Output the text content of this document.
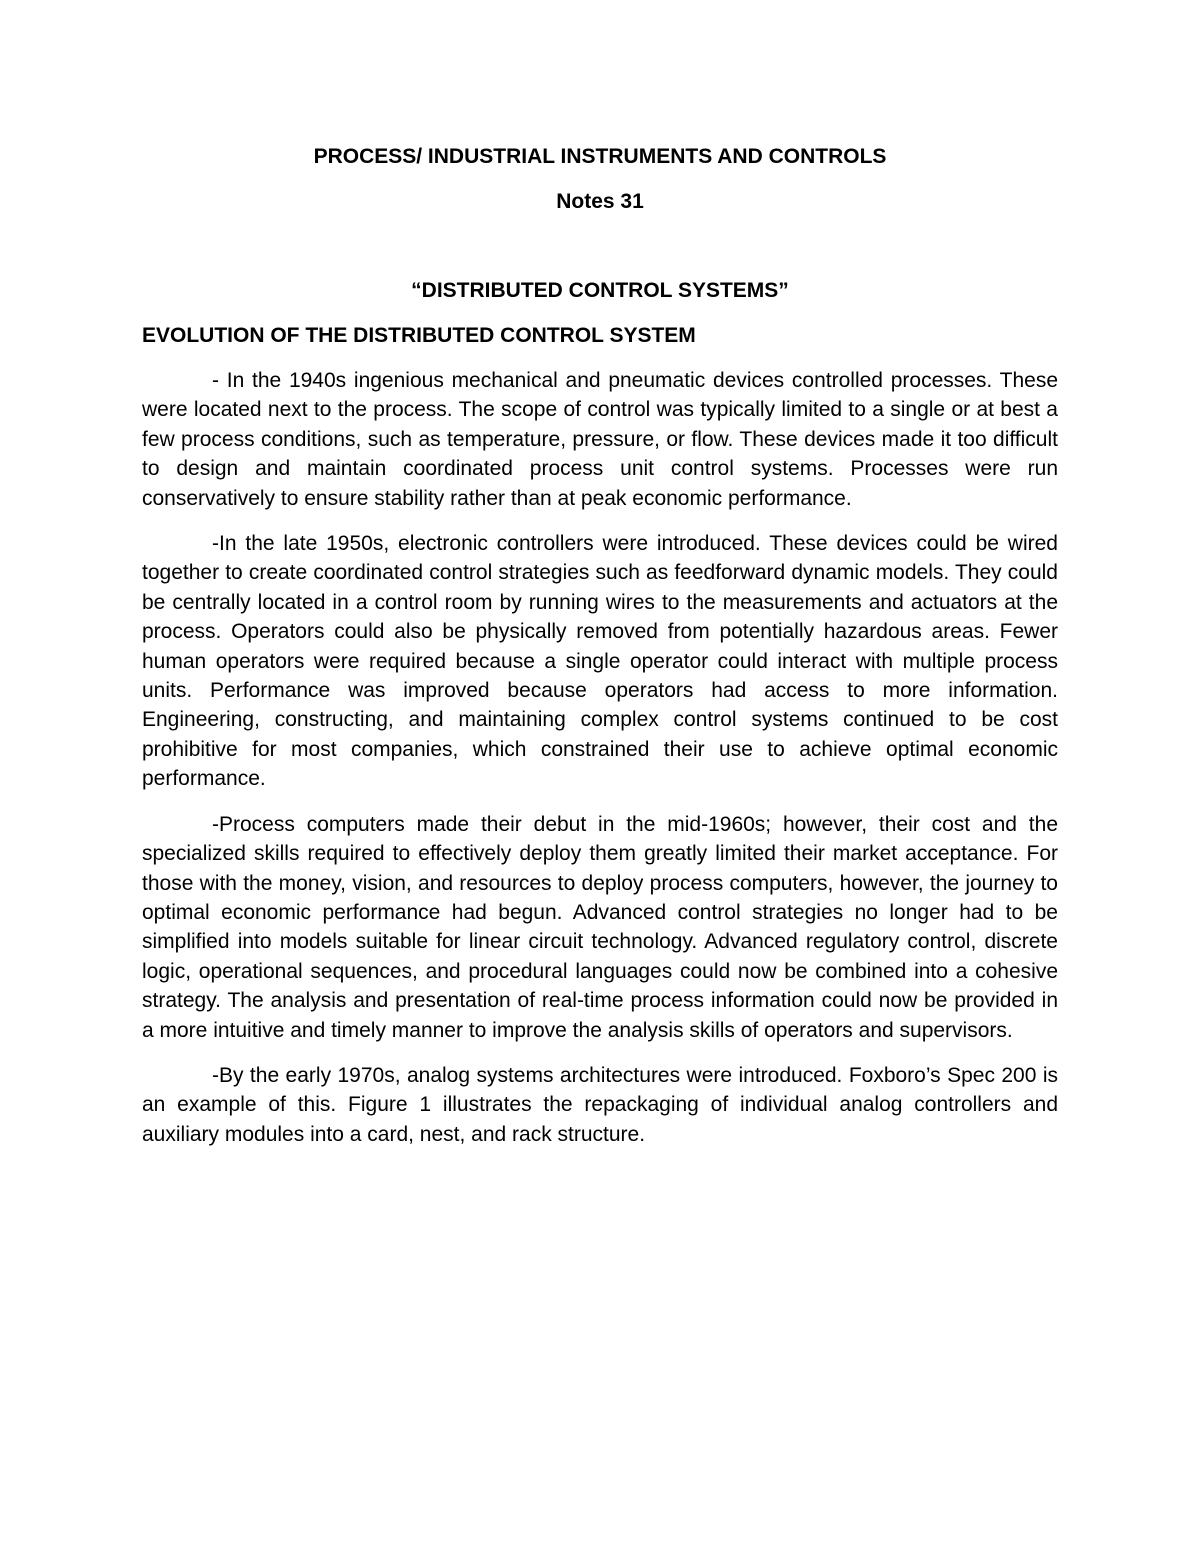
PROCESS/ INDUSTRIAL INSTRUMENTS AND CONTROLS
Notes 31
“DISTRIBUTED CONTROL SYSTEMS”
EVOLUTION OF THE DISTRIBUTED CONTROL SYSTEM

- In the 1940s ingenious mechanical and pneumatic devices controlled processes. These were located next to the process. The scope of control was typically limited to a single or at best a few process conditions, such as temperature, pressure, or flow. These devices made it too difficult to design and maintain coordinated process unit control systems. Processes were run conservatively to ensure stability rather than at peak economic performance.

-In the late 1950s, electronic controllers were introduced. These devices could be wired together to create coordinated control strategies such as feedforward dynamic models. They could be centrally located in a control room by running wires to the measurements and actuators at the process. Operators could also be physically removed from potentially hazardous areas. Fewer human operators were required because a single operator could interact with multiple process units. Performance was improved because operators had access to more information. Engineering, constructing, and maintaining complex control systems continued to be cost prohibitive for most companies, which constrained their use to achieve optimal economic performance.

-Process computers made their debut in the mid-1960s; however, their cost and the specialized skills required to effectively deploy them greatly limited their market acceptance. For those with the money, vision, and resources to deploy process computers, however, the journey to optimal economic performance had begun. Advanced control strategies no longer had to be simplified into models suitable for linear circuit technology. Advanced regulatory control, discrete logic, operational sequences, and procedural languages could now be combined into a cohesive strategy. The analysis and presentation of real-time process information could now be provided in a more intuitive and timely manner to improve the analysis skills of operators and supervisors.

-By the early 1970s, analog systems architectures were introduced. Foxboro’s Spec 200 is an example of this. Figure 1 illustrates the repackaging of individual analog controllers and auxiliary modules into a card, nest, and rack structure.
